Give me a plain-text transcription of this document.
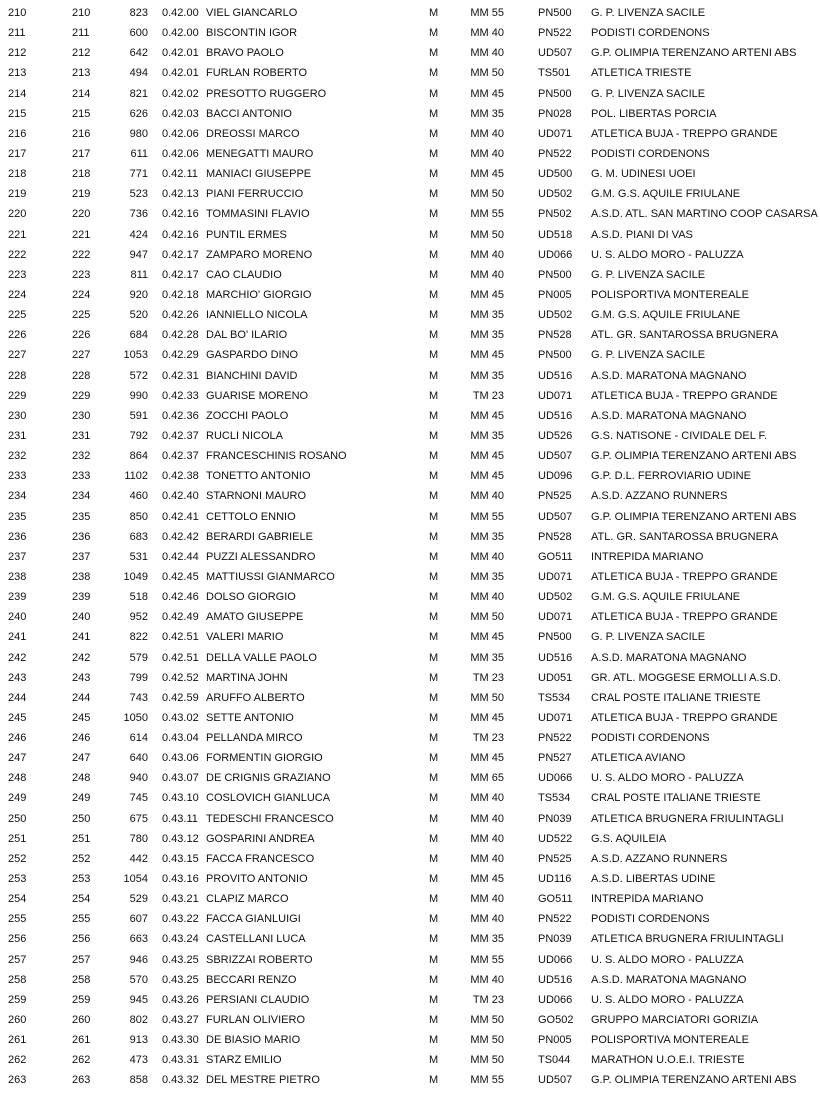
210	210	823 0.42.00 VIEL GIANCARLO	M	MM 55	PN500 G. P. LIVENZA SACILE
211	211	600 0.42.00 BISCONTIN IGOR	M	MM 40	PN522 PODISTI CORDENONS
212	212	642 0.42.01 BRAVO PAOLO	M	MM 40	UD507 G.P. OLIMPIA TERENZANO ARTENI ABS
213	213	494 0.42.01 FURLAN ROBERTO	M	MM 50	TS501 ATLETICA TRIESTE
214	214	821 0.42.02 PRESOTTO RUGGERO	M	MM 45	PN500 G. P. LIVENZA SACILE
215	215	626 0.42.03 BACCI ANTONIO	M	MM 35	PN028 POL. LIBERTAS PORCIA
216	216	980 0.42.06 DREOSSI MARCO	M	MM 40	UD071 ATLETICA BUJA - TREPPO GRANDE
217	217	611 0.42.06 MENEGATTI MAURO	M	MM 40	PN522 PODISTI CORDENONS
218	218	771 0.42.11 MANIACI GIUSEPPE	M	MM 45	UD500 G. M. UDINESI UOEI
219	219	523 0.42.13 PIANI FERRUCCIO	M	MM 50	UD502 G.M. G.S. AQUILE FRIULANE
220	220	736 0.42.16 TOMMASINI FLAVIO	M	MM 55	PN502 A.S.D. ATL. SAN MARTINO COOP CASARSA
221	221	424 0.42.16 PUNTIL ERMES	M	MM 50	UD518 A.S.D. PIANI DI VAS
222	222	947 0.42.17 ZAMPARO MORENO	M	MM 40	UD066 U. S. ALDO MORO - PALUZZA
223	223	811 0.42.17 CAO CLAUDIO	M	MM 40	PN500 G. P. LIVENZA SACILE
224	224	920 0.42.18 MARCHIO' GIORGIO	M	MM 45	PN005 POLISPORTIVA MONTEREALE
225	225	520 0.42.26 IANNIELLO NICOLA	M	MM 35	UD502 G.M. G.S. AQUILE FRIULANE
226	226	684 0.42.28 DAL BO' ILARIO	M	MM 35	PN528 ATL. GR. SANTAROSSA BRUGNERA
227	227	1053 0.42.29 GASPARDO DINO	M	MM 45	PN500 G. P. LIVENZA SACILE
228	228	572 0.42.31 BIANCHINI DAVID	M	MM 35	UD516 A.S.D. MARATONA MAGNANO
229	229	990 0.42.33 GUARISE MORENO	M	TM 23	UD071 ATLETICA BUJA - TREPPO GRANDE
230	230	591 0.42.36 ZOCCHI PAOLO	M	MM 45	UD516 A.S.D. MARATONA MAGNANO
231	231	792 0.42.37 RUCLI NICOLA	M	MM 35	UD526 G.S. NATISONE - CIVIDALE DEL F.
232	232	864 0.42.37 FRANCESCHINIS ROSANO	M	MM 45	UD507 G.P. OLIMPIA TERENZANO ARTENI ABS
233	233	1102 0.42.38 TONETTO ANTONIO	M	MM 45	UD096 G.P. D.L. FERROVIARIO UDINE
234	234	460 0.42.40 STARNONI MAURO	M	MM 40	PN525 A.S.D. AZZANO RUNNERS
235	235	850 0.42.41 CETTOLO ENNIO	M	MM 55	UD507 G.P. OLIMPIA TERENZANO ARTENI ABS
236	236	683 0.42.42 BERARDI GABRIELE	M	MM 35	PN528 ATL. GR. SANTAROSSA BRUGNERA
237	237	531 0.42.44 PUZZI ALESSANDRO	M	MM 40	GO511 INTREPIDA MARIANO
238	238	1049 0.42.45 MATTIUSSI GIANMARCO	M	MM 35	UD071 ATLETICA BUJA - TREPPO GRANDE
239	239	518 0.42.46 DOLSO GIORGIO	M	MM 40	UD502 G.M. G.S. AQUILE FRIULANE
240	240	952 0.42.49 AMATO GIUSEPPE	M	MM 50	UD071 ATLETICA BUJA - TREPPO GRANDE
241	241	822 0.42.51 VALERI MARIO	M	MM 45	PN500 G. P. LIVENZA SACILE
242	242	579 0.42.51 DELLA VALLE PAOLO	M	MM 35	UD516 A.S.D. MARATONA MAGNANO
243	243	799 0.42.52 MARTINA JOHN	M	TM 23	UD051 GR. ATL. MOGGESE ERMOLLI A.S.D.
244	244	743 0.42.59 ARUFFO ALBERTO	M	MM 50	TS534 CRAL POSTE ITALIANE TRIESTE
245	245	1050 0.43.02 SETTE ANTONIO	M	MM 45	UD071 ATLETICA BUJA - TREPPO GRANDE
246	246	614 0.43.04 PELLANDA MIRCO	M	TM 23	PN522 PODISTI CORDENONS
247	247	640 0.43.06 FORMENTIN GIORGIO	M	MM 45	PN527 ATLETICA AVIANO
248	248	940 0.43.07 DE CRIGNIS GRAZIANO	M	MM 65	UD066 U. S. ALDO MORO - PALUZZA
249	249	745 0.43.10 COSLOVICH GIANLUCA	M	MM 40	TS534 CRAL POSTE ITALIANE TRIESTE
250	250	675 0.43.11 TEDESCHI FRANCESCO	M	MM 40	PN039 ATLETICA BRUGNERA FRIULINTAGLI
251	251	780 0.43.12 GOSPARINI ANDREA	M	MM 40	UD522 G.S. AQUILEIA
252	252	442 0.43.15 FACCA FRANCESCO	M	MM 40	PN525 A.S.D. AZZANO RUNNERS
253	253	1054 0.43.16 PROVITO ANTONIO	M	MM 45	UD116 A.S.D. LIBERTAS UDINE
254	254	529 0.43.21 CLAPIZ MARCO	M	MM 40	GO511 INTREPIDA MARIANO
255	255	607 0.43.22 FACCA GIANLUIGI	M	MM 40	PN522 PODISTI CORDENONS
256	256	663 0.43.24 CASTELLANI LUCA	M	MM 35	PN039 ATLETICA BRUGNERA FRIULINTAGLI
257	257	946 0.43.25 SBRIZZAI ROBERTO	M	MM 55	UD066 U. S. ALDO MORO - PALUZZA
258	258	570 0.43.25 BECCARI RENZO	M	MM 40	UD516 A.S.D. MARATONA MAGNANO
259	259	945 0.43.26 PERSIANI CLAUDIO	M	TM 23	UD066 U. S. ALDO MORO - PALUZZA
260	260	802 0.43.27 FURLAN OLIVIERO	M	MM 50	GO502 GRUPPO MARCIATORI GORIZIA
261	261	913 0.43.30 DE BIASIO MARIO	M	MM 50	PN005 POLISPORTIVA MONTEREALE
262	262	473 0.43.31 STARZ EMILIO	M	MM 50	TS044 MARATHON U.O.E.I. TRIESTE
263	263	858 0.43.32 DEL MESTRE PIETRO	M	MM 55	UD507 G.P. OLIMPIA TERENZANO ARTENI ABS
